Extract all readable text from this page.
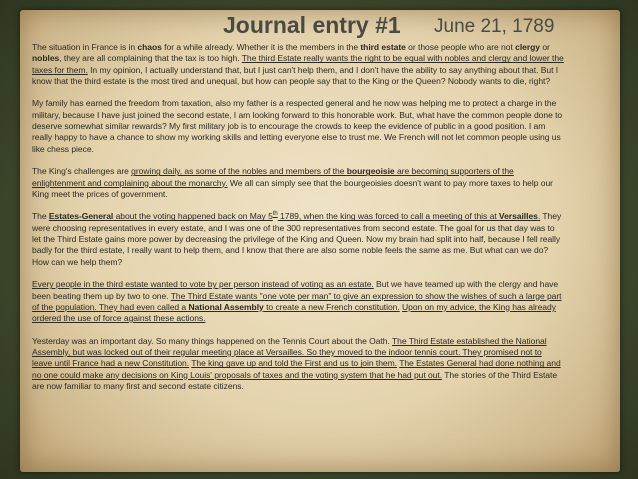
Journal entry #1 June 21, 1789

The situation in France is in chaos for a while already. Whether it is the members in the third estate or those people who are not clergy or nobles, they are all complaining that the tax is too high. The third Estate really wants the right to be equal with nobles and clergy and lower the taxes for them. In my opinion, I actually understand that, but I just can't help them, and I don't have the ability to say anything about that. But I know that the third estate is the most tired and unequal, but how can people say that to the King or the Queen? Nobody wants to die, right?

My family has earned the freedom from taxation, also my father is a respected general and he now was helping me to protect a charge in the military, because I have just joined the second estate, I am looking forward to this honorable work. But, what have the common people done to deserve somewhat similar rewards? My first military job is to encourage the crowds to keep the evidence of public in a good position. I am really happy to have a chance to show my working skills and letting everyone else to trust me. We French will not let common people using us like chess piece.

The King's challenges are growing daily, as some of the nobles and members of the bourgeoisie are becoming supporters of the enlightenment and complaining about the monarchy. We all can simply see that the bourgeoisies doesn't want to pay more taxes to help our King meet the prices of government.

The Estates-General about the voting happened back on May 5th 1789, when the king was forced to call a meeting of this at Versailles. They were choosing representatives in every estate, and I was one of the 300 representatives from second estate. The goal for us that day was to let the Third Estate gains more power by decreasing the privilege of the King and Queen. Now my brain had split into half, because I fell really badly for the third estate, I really want to help them, and I know that there are also some noble feels the same as me. But what can we do? How can we help them?

Every people in the third estate wanted to vote by per person instead of voting as an estate. But we have teamed up with the clergy and have been beating them up by two to one. The Third Estate wants "one vote per man" to give an expression to show the wishes of such a large part of the population. They had even called a National Assembly to create a new French constitution. Upon on my advice, the King has already ordered the use of force against these actions.

Yesterday was an important day. So many things happened on the Tennis Court about the Oath. The Third Estate established the National Assembly, but was locked out of their regular meeting place at Versailles. So they moved to the indoor tennis court. They promised not to leave until France had a new Constitution. The king gave up and told the First and us to join them. The Estates General had done nothing and no one could make any decisions on King Louis' proposals of taxes and the voting system that he had put out. The stories of the Third Estate are now familiar to many first and second estate citizens.
